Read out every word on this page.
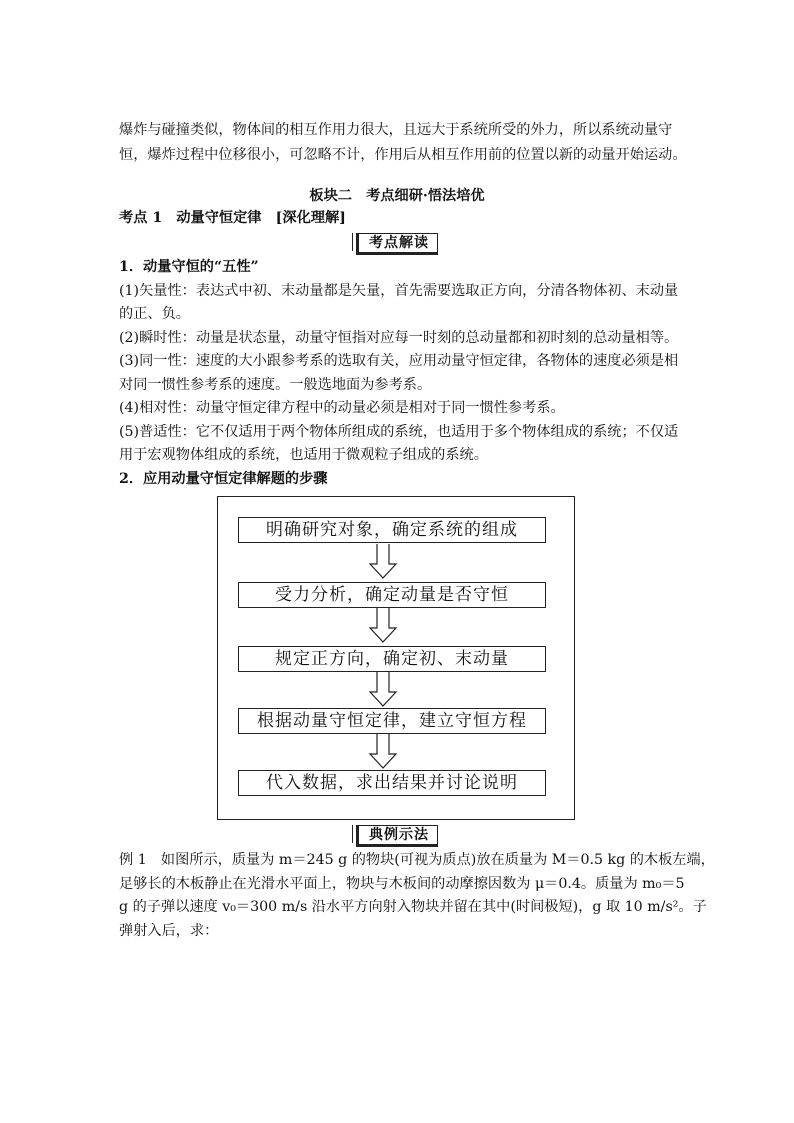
爆炸与碰撞类似，物体间的相互作用力很大，且远大于系统所受的外力，所以系统动量守
恒，爆炸过程中位移很小，可忽略不计，作用后从相互作用前的位置以新的动量开始运动。
板块二　考点细研·悟法培优
考点 1　动量守恒定律　[深化理解]
考点解读
1．动量守恒的“五性”
(1)矢量性：表达式中初、末动量都是矢量，首先需要选取正方向，分清各物体初、末动量
的正、负。
(2)瞬时性：动量是状态量，动量守恒指对应每一时刻的总动量都和初时刻的总动量相等。
(3)同一性：速度的大小跟参考系的选取有关，应用动量守恒定律，各物体的速度必须是相
对同一惯性参考系的速度。一般选地面为参考系。
(4)相对性：动量守恒定律方程中的动量必须是相对于同一惯性参考系。
(5)普适性：它不仅适用于两个物体所组成的系统，也适用于多个物体组成的系统；不仅适
用于宏观物体组成的系统，也适用于微观粒子组成的系统。
2．应用动量守恒定律解题的步骤
明确研究对象，确定系统的组成
受力分析，确定动量是否守恒
规定正方向，确定初、末动量
根据动量守恒定律，建立守恒方程
代入数据，求出结果并讨论说明
典例示法
例 1　如图所示，质量为 m＝245 g 的物块(可视为质点)放在质量为 M＝0.5 kg 的木板左端，
足够长的木板静止在光滑水平面上，物块与木板间的动摩擦因数为 μ＝0.4。质量为 m₀＝5
g 的子弹以速度 v₀＝300 m/s 沿水平方向射入物块并留在其中(时间极短)，g 取 10 m/s²。子
弹射入后，求：
